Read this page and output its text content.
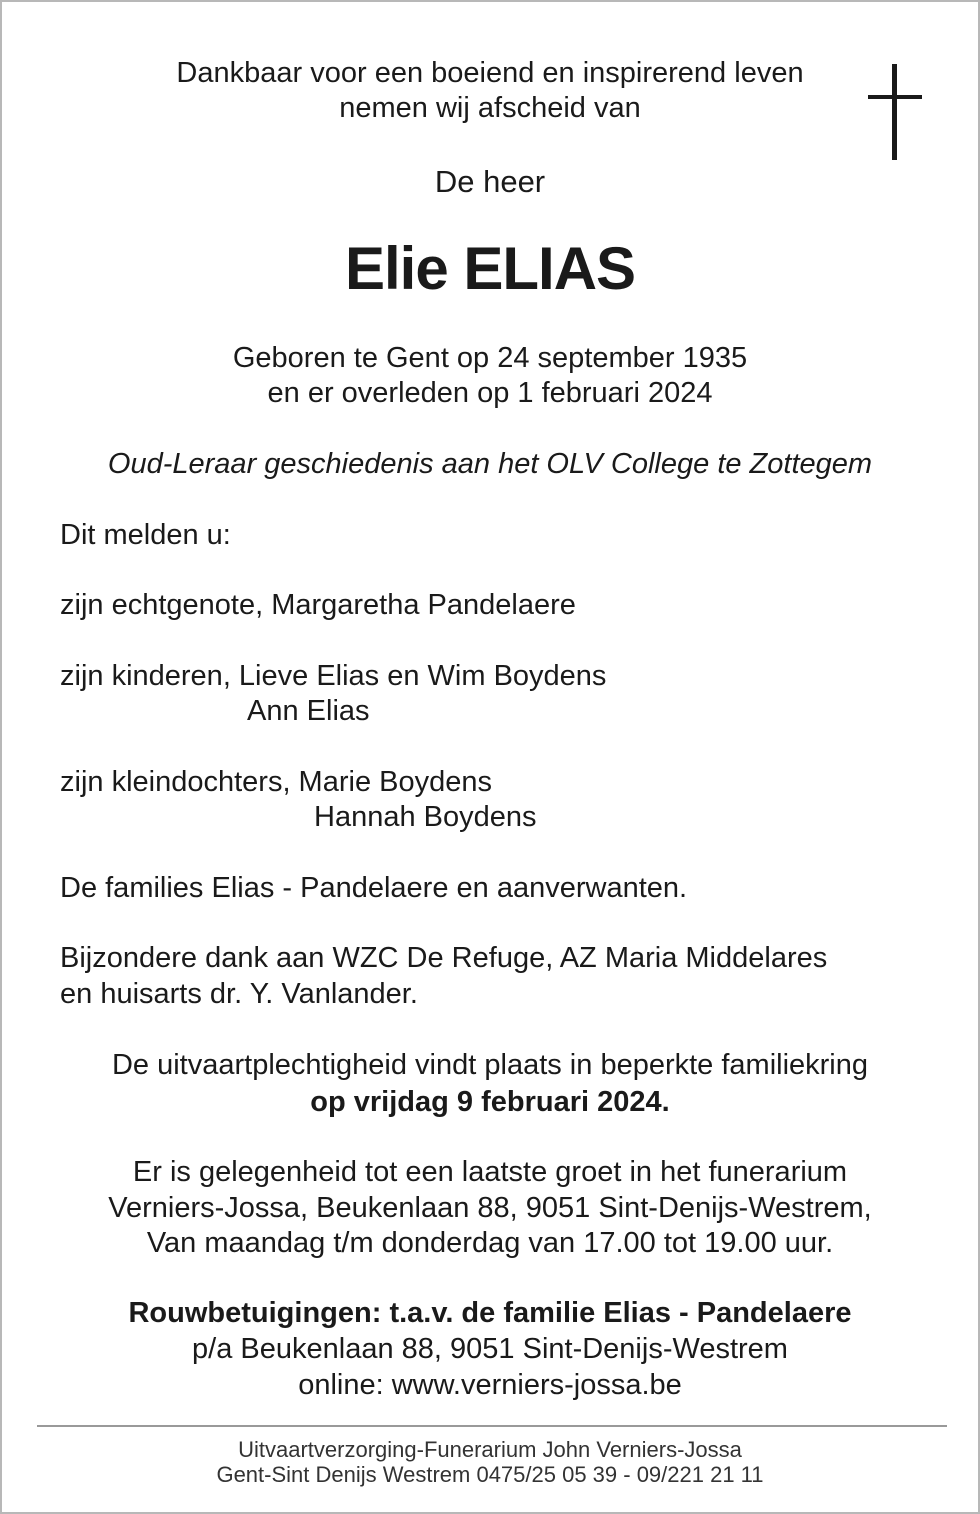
Dankbaar voor een boeiend en inspirerend leven
nemen wij afscheid van
De heer
Elie ELIAS
Geboren te Gent op 24 september 1935
en er overleden op 1 februari 2024
Oud-Leraar geschiedenis aan het OLV College te Zottegem
Dit melden u:
zijn echtgenote, Margaretha Pandelaere
zijn kinderen, Lieve Elias en Wim Boydens
Ann Elias
zijn kleindochters, Marie Boydens
Hannah Boydens
De families Elias - Pandelaere en aanverwanten.
Bijzondere dank aan WZC De Refuge, AZ Maria Middelares
en huisarts dr. Y. Vanlander.
De uitvaartplechtigheid vindt plaats in beperkte familiekring
op vrijdag 9 februari 2024.
Er is gelegenheid tot een laatste groet in het funerarium
Verniers-Jossa, Beukenlaan 88, 9051 Sint-Denijs-Westrem,
Van maandag t/m donderdag van 17.00 tot 19.00 uur.
Rouwbetuigingen: t.a.v. de familie Elias - Pandelaere
p/a Beukenlaan 88, 9051 Sint-Denijs-Westrem
online: www.verniers-jossa.be
Uitvaartverzorging-Funerarium John Verniers-Jossa
Gent-Sint Denijs Westrem 0475/25 05 39 - 09/221 21 11
